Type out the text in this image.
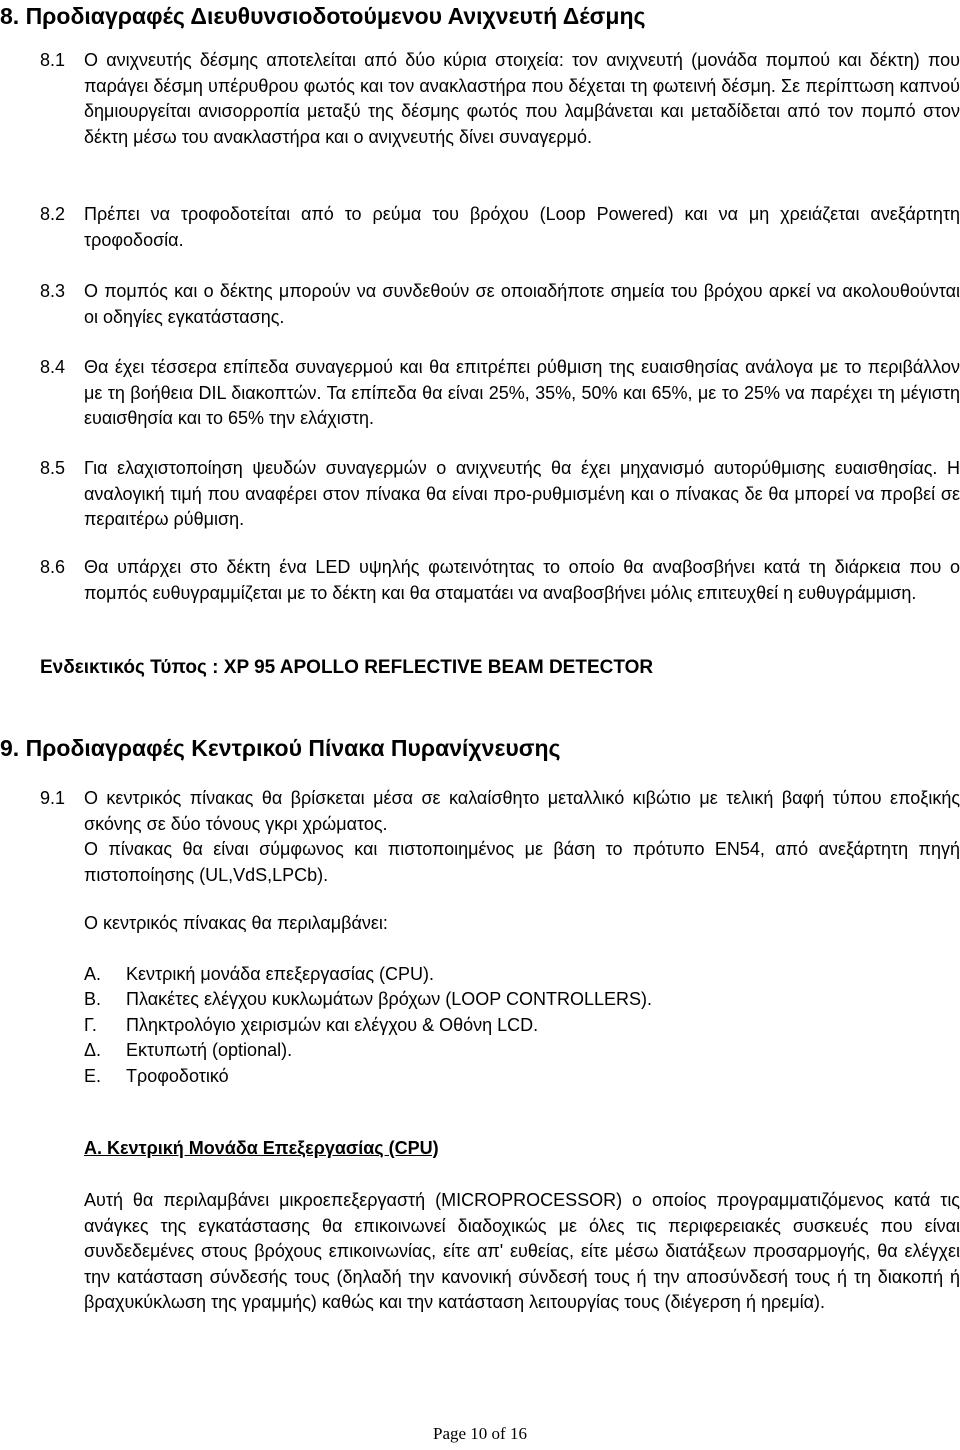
8. Προδιαγραφές Διευθυνσιοδοτούμενου Ανιχνευτή Δέσμης
8.1 Ο ανιχνευτής δέσμης αποτελείται από δύο κύρια στοιχεία: τον ανιχνευτή (μονάδα πομπού και δέκτη) που παράγει δέσμη υπέρυθρου φωτός και τον ανακλαστήρα που δέχεται τη φωτεινή δέσμη. Σε περίπτωση καπνού δημιουργείται ανισορροπία μεταξύ της δέσμης φωτός που λαμβάνεται και μεταδίδεται από τον πομπό στον δέκτη μέσω του ανακλαστήρα και ο ανιχνευτής δίνει συναγερμό.
8.2 Πρέπει να τροφοδοτείται από το ρεύμα του βρόχου (Loop Powered) και να μη χρειάζεται ανεξάρτητη τροφοδοσία.
8.3 Ο πομπός και ο δέκτης μπορούν να συνδεθούν σε οποιαδήποτε σημεία του βρόχου αρκεί να ακολουθούνται οι οδηγίες εγκατάστασης.
8.4 Θα έχει τέσσερα επίπεδα συναγερμού και θα επιτρέπει ρύθμιση της ευαισθησίας ανάλογα με το περιβάλλον με τη βοήθεια DIL διακοπτών. Τα επίπεδα θα είναι 25%, 35%, 50% και 65%, με το 25% να παρέχει τη μέγιστη ευαισθησία και το 65% την ελάχιστη.
8.5 Για ελαχιστοποίηση ψευδών συναγερμών ο ανιχνευτής θα έχει μηχανισμό αυτορύθμισης ευαισθησίας. Η αναλογική τιμή που αναφέρει στον πίνακα θα είναι προ-ρυθμισμένη και ο πίνακας δε θα μπορεί να προβεί σε περαιτέρω ρύθμιση.
8.6 Θα υπάρχει στο δέκτη ένα LED υψηλής φωτεινότητας το οποίο θα αναβοσβήνει κατά τη διάρκεια που ο πομπός ευθυγραμμίζεται με το δέκτη και θα σταματάει να αναβοσβήνει μόλις επιτευχθεί η ευθυγράμμιση.
Ενδεικτικός Τύπος : XP 95 APOLLO REFLECTIVE BEAM DETECTOR
9. Προδιαγραφές Κεντρικού Πίνακα Πυρανίχνευσης
9.1 Ο κεντρικός πίνακας θα βρίσκεται μέσα σε καλαίσθητο μεταλλικό κιβώτιο με τελική βαφή τύπου εποξικής σκόνης σε δύο τόνους γκρι χρώματος.
Ο πίνακας θα είναι σύμφωνος και πιστοποιημένος με βάση το πρότυπο EN54, από ανεξάρτητη πηγή πιστοποίησης (UL,VdS,LPCb).
Ο κεντρικός πίνακας θα περιλαμβάνει:
Α. Κεντρική μονάδα επεξεργασίας (CPU).
Β. Πλακέτες ελέγχου κυκλωμάτων βρόχων (LOOP CONTROLLERS).
Γ. Πληκτρολόγιο χειρισμών και ελέγχου & Οθόνη LCD.
Δ. Εκτυπωτή (optional).
Ε. Τροφοδοτικό
Α. Κεντρική Μονάδα Επεξεργασίας (CPU)
Αυτή θα περιλαμβάνει μικροεπεξεργαστή (MICROPROCESSOR) ο οποίος προγραμματιζόμενος κατά τις ανάγκες της εγκατάστασης θα επικοινωνεί διαδοχικώς με όλες τις περιφερειακές συσκευές που είναι συνδεδεμένες στους βρόχους επικοινωνίας, είτε απ' ευθείας, είτε μέσω διατάξεων προσαρμογής, θα ελέγχει την κατάσταση σύνδεσής τους (δηλαδή την κανονική σύνδεσή τους ή την αποσύνδεσή τους ή τη διακοπή ή βραχυκύκλωση της γραμμής) καθώς και την κατάσταση λειτουργίας τους (διέγερση ή ηρεμία).
Page 10 of 16
